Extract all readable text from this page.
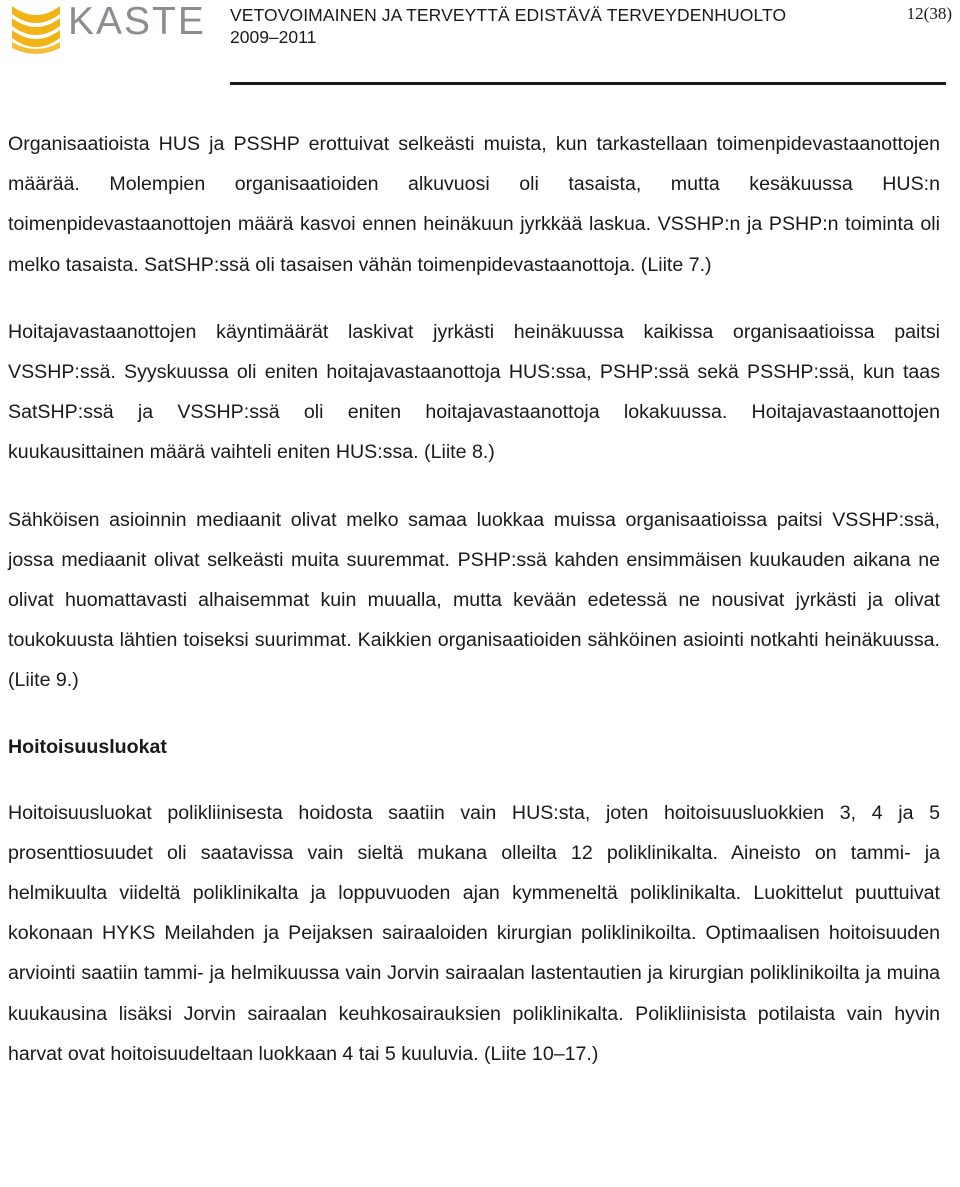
KASTE VETOVOIMAINEN JA TERVEYTTÄ EDISTÄVÄ TERVEYDENHUOLTO
2009–2011
12(38)

Organisaatioista HUS ja PSSHP erottuivat selkeästi muista, kun tarkastellaan toimenpidevastaanottojen määrää. Molempien organisaatioiden alkuvuosi oli tasaista, mutta kesäkuussa HUS:n toimenpidevastaanottojen määrä kasvoi ennen heinäkuun jyrkkää laskua. VSSHP:n ja PSHP:n toiminta oli melko tasaista. SatSHP:ssä oli tasaisen vähän toimenpidevastaanottoja. (Liite 7.)

Hoitajavastaanottojen käyntimäärät laskivat jyrkästi heinäkuussa kaikissa organisaatioissa paitsi VSSHP:ssä. Syyskuussa oli eniten hoitajavastaanottoja HUS:ssa, PSHP:ssä sekä PSSHP:ssä, kun taas SatSHP:ssä ja VSSHP:ssä oli eniten hoitajavastaanottoja lokakuussa. Hoitajavastaanottojen kuukausittainen määrä vaihteli eniten HUS:ssa. (Liite 8.)

Sähköisen asioinnin mediaanit olivat melko samaa luokkaa muissa organisaatioissa paitsi VSSHP:ssä, jossa mediaanit olivat selkeästi muita suuremmat. PSHP:ssä kahden ensimmäisen kuukauden aikana ne olivat huomattavasti alhaisemmat kuin muualla, mutta kevään edetessä ne nousivat jyrkästi ja olivat toukokuusta lähtien toiseksi suurimmat. Kaikkien organisaatioiden sähköinen asiointi notkahti heinäkuussa. (Liite 9.)

Hoitoisuusluokat

Hoitoisuusluokat polikliinisesta hoidosta saatiin vain HUS:sta, joten hoitoisuusluokkien 3, 4 ja 5 prosenttiosuudet oli saatavissa vain sieltä mukana olleilta 12 poliklinikalta. Aineisto on tammi- ja helmikuulta viideltä poliklinikalta ja loppuvuoden ajan kymmeneltä poliklinikalta. Luokittelut puuttuivat kokonaan HYKS Meilahden ja Peijaksen sairaaloiden kirurgian poliklinikoilta. Optimaalisen hoitoisuuden arviointi saatiin tammi- ja helmikuussa vain Jorvin sairaalan lastentautien ja kirurgian poliklinikoilta ja muina kuukausina lisäksi Jorvin sairaalan keuhkosairauksien poliklinikalta. Polikliinisista potilaista vain hyvin harvat ovat hoitoisuudeltaan luokkaan 4 tai 5 kuuluvia. (Liite 10–17.)
